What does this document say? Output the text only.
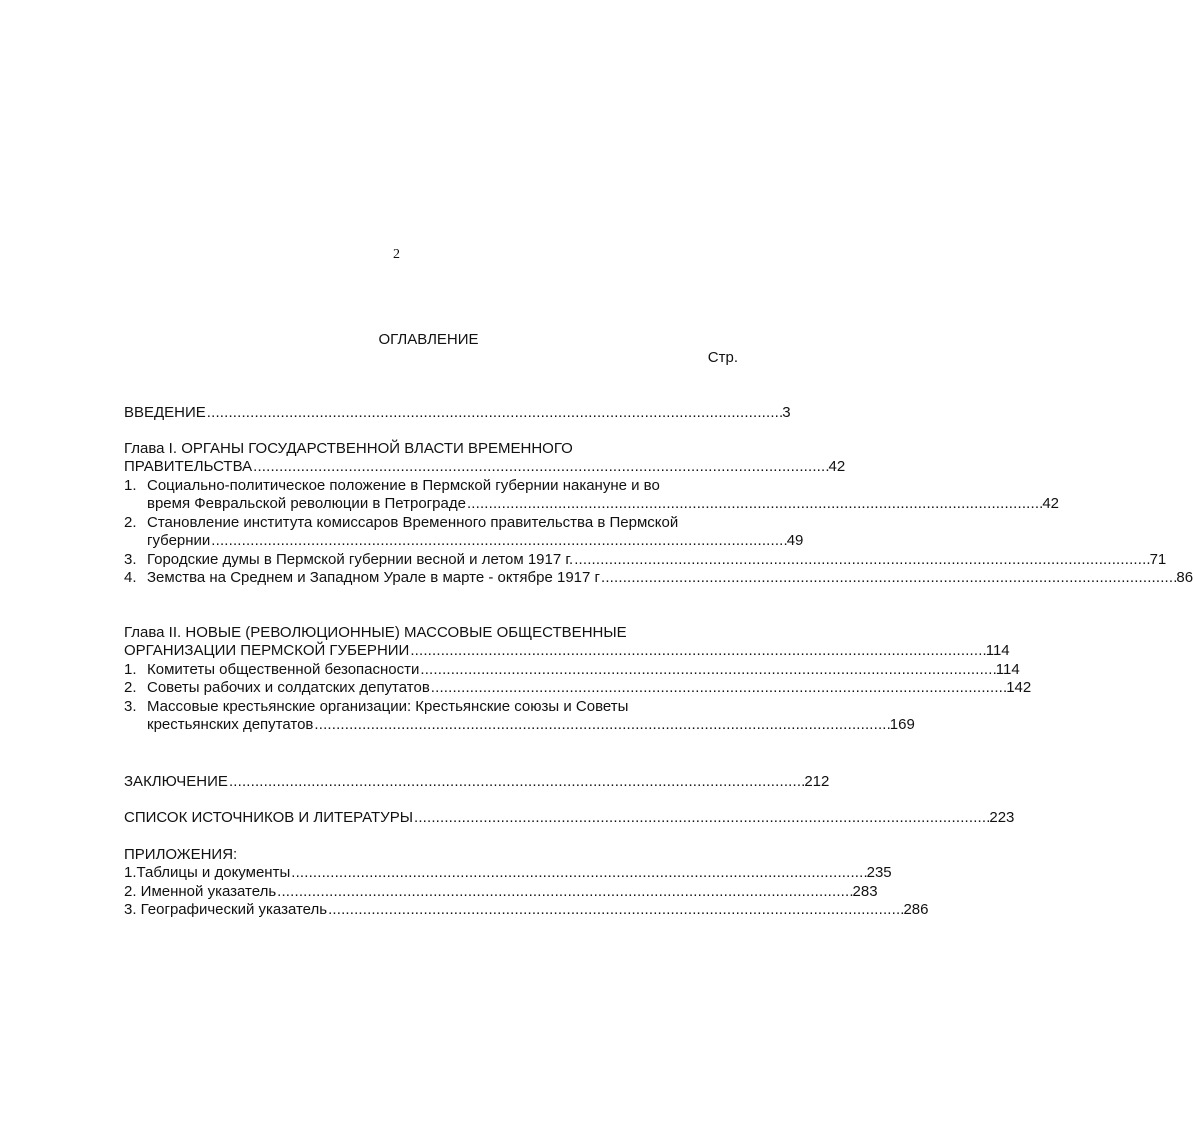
2
ОГЛАВЛЕНИЕ
Стр.
ВВЕДЕНИЕ . . .	3
Глава I. ОРГАНЫ ГОСУДАРСТВЕННОЙ ВЛАСТИ ВРЕМЕННОГО
ПРАВИТЕЛЬСТВА . . .	42
1. Социально-политическое положение в Пермской губернии накануне и во
время Февральской революции в Петрограде . . .	42
2. Становление института комиссаров Временного правительства в Пермской
губернии . . .	49
3. Городские думы в Пермской губернии весной и летом 1917 г. . . .	71
4. Земства на Среднем и Западном Урале в марте - октябре 1917 г . . .	86
Глава II. НОВЫЕ (РЕВОЛЮЦИОННЫЕ) МАССОВЫЕ ОБЩЕСТВЕННЫЕ
ОРГАНИЗАЦИИ ПЕРМСКОЙ ГУБЕРНИИ . . .	114
1. Комитеты общественной безопасности . . .	114
2. Советы рабочих и солдатских депутатов . . .	142
3. Массовые крестьянские организации: Крестьянские союзы и Советы
крестьянских депутатов . . .	169
ЗАКЛЮЧЕНИЕ . . .	212
СПИСОК ИСТОЧНИКОВ И ЛИТЕРАТУРЫ . . .	223
ПРИЛОЖЕНИЯ:
1.Таблицы и документы . . .	235
2. Именной указатель . . .	283
3. Географический указатель . . .	286
